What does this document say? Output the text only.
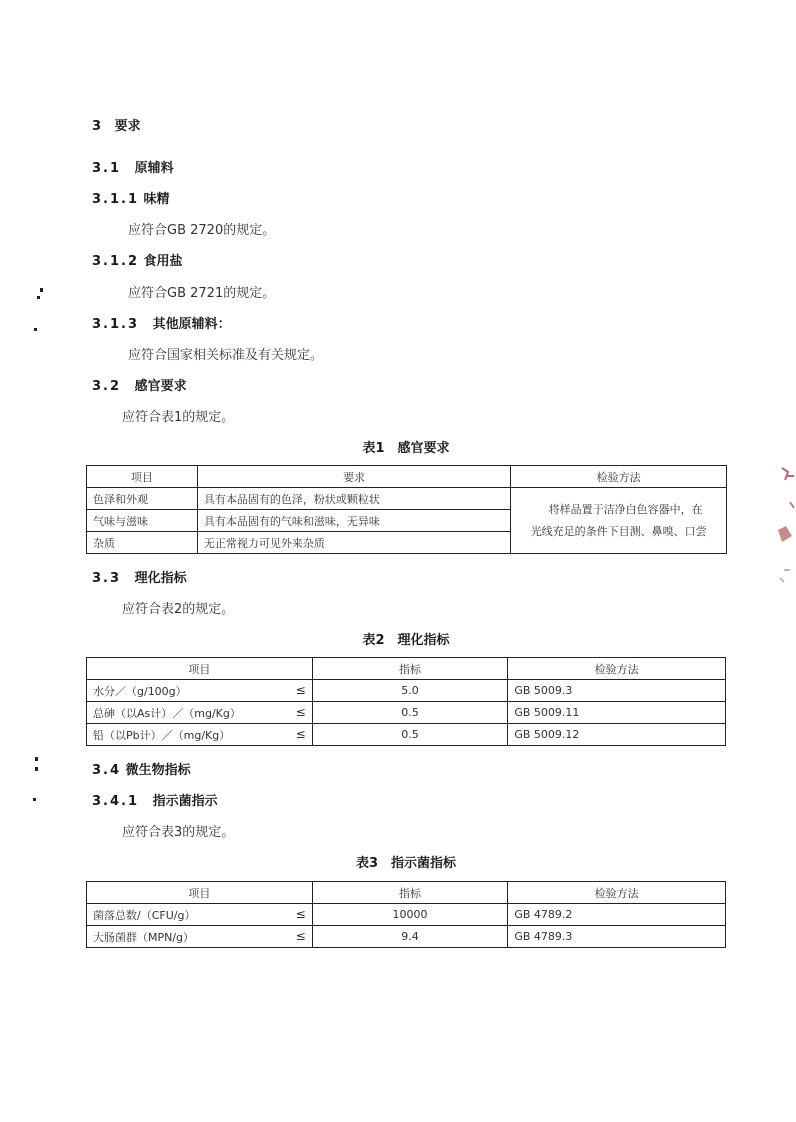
3 要求
3.1 原辅料
3.1.1 味精
应符合GB 2720的规定。
3.1.2 食用盐
应符合GB 2721的规定。
3.1.3 其他原辅料：
应符合国家相关标准及有关规定。
3.2 感官要求
应符合表1的规定。
表1　感官要求
项目	要求	检验方法
色泽和外观	具有本品固有的色泽，粉状或颗粒状	将样品置于洁净白色容器中，在
光线充足的条件下目测、鼻嗅、口尝

气味与滋味	具有本品固有的气味和滋味，无异味	
杂质	无正常视力可见外来杂质	
3.3 理化指标
应符合表2的规定。
表2　理化指标
项目	指标	检验方法
水分／（g/100g） ≤	5.0	GB 5009.3
总砷（以As计）／（mg/Kg） ≤	0.5	GB 5009.11
铅（以Pb计）／（mg/Kg） ≤	0.5	GB 5009.12
3.4 微生物指标
3.4.1 指示菌指示
应符合表3的规定。
表3　指示菌指标
项目	指标	检验方法
菌落总数/（CFU/g） ≤	10000	GB 4789.2
大肠菌群（MPN/g） ≤	9.4	GB 4789.3
